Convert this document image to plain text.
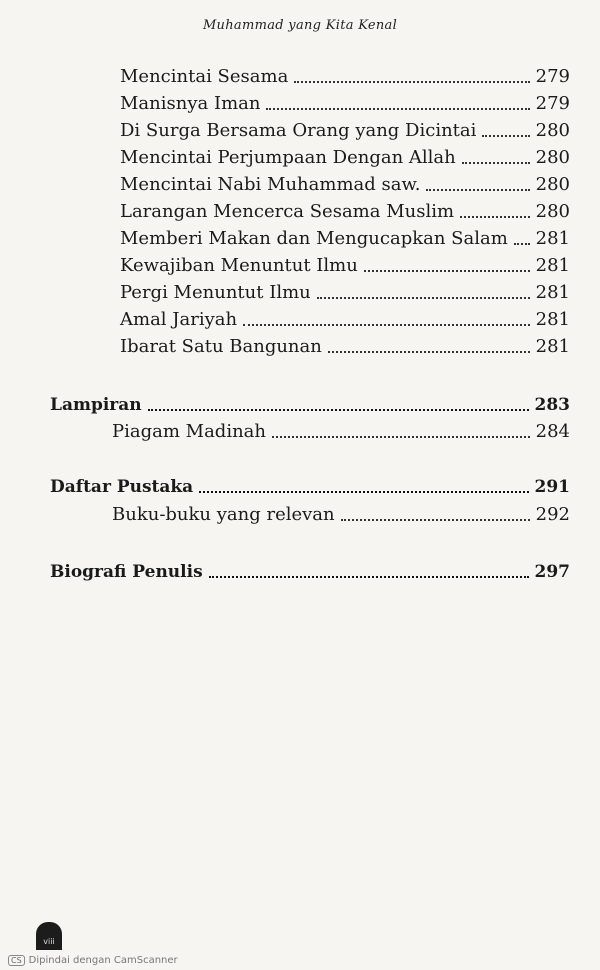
Muhammad yang Kita Kenal
Mencintai Sesama	279
Manisnya Iman	279
Di Surga Bersama Orang yang Dicintai	280
Mencintai Perjumpaan Dengan Allah	280
Mencintai Nabi Muhammad saw.	280
Larangan Mencerca Sesama Muslim	280
Memberi Makan dan Mengucapkan Salam 281
Kewajiban Menuntut Ilmu	281
Pergi Menuntut Ilmu	281
Amal Jariyah	281
Ibarat Satu Bangunan	281
Lampiran	283
Piagam Madinah	284
Daftar Pustaka	291
Buku-buku yang relevan	292
Biografi Penulis	297
viii
CS Dipindai dengan CamScanner
